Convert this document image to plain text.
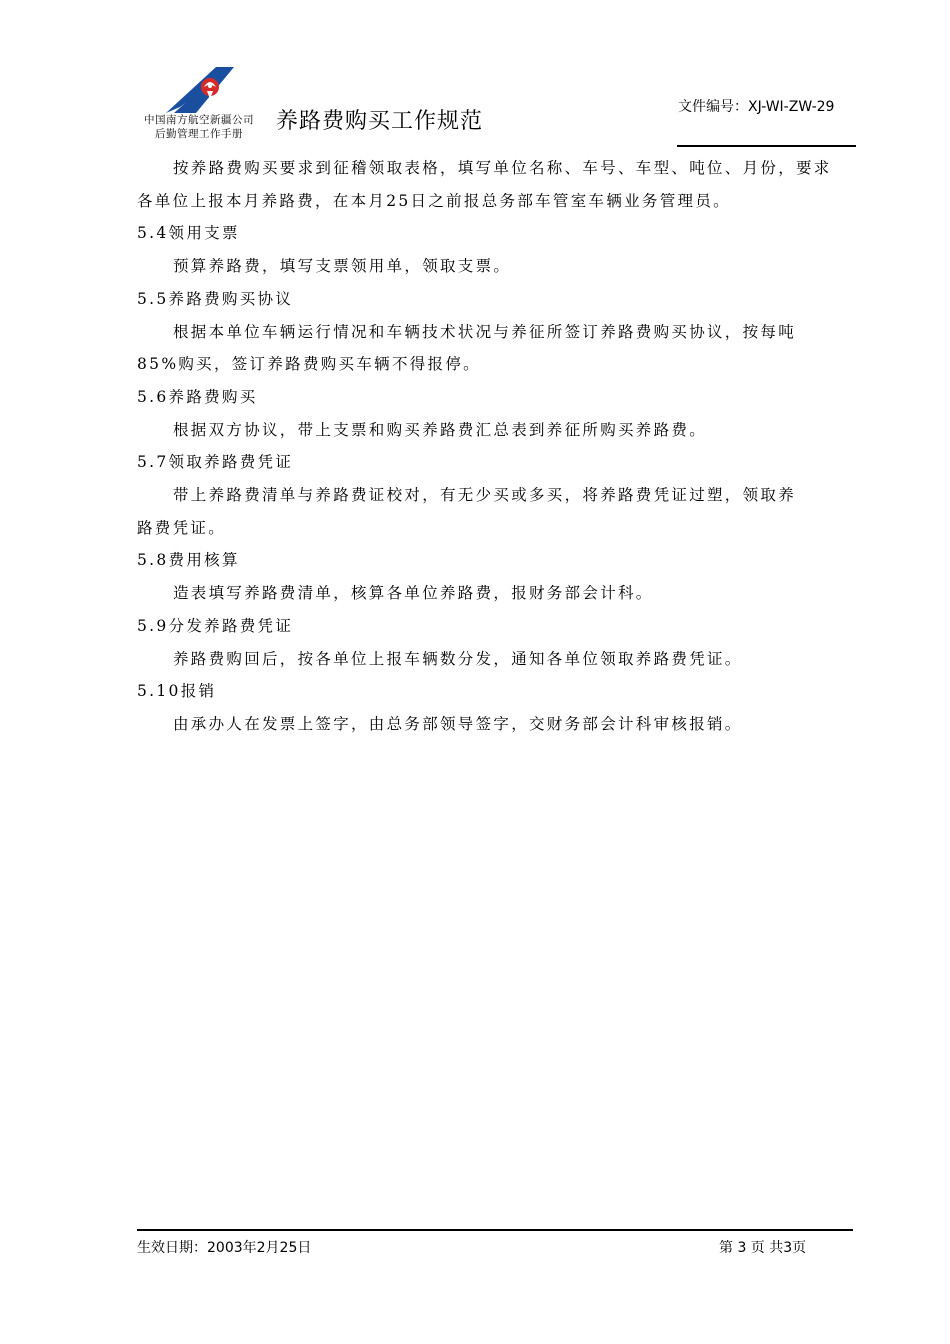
中国南方航空新疆公司
后勤管理工作手册	养路费购买工作规范
文件编号：XJ-WI-ZW-29

按养路费购买要求到征稽领取表格，填写单位名称、车号、车型、吨位、月份，要求

各单位上报本月养路费，在本月25日之前报总务部车管室车辆业务管理员。

5.4领用支票

预算养路费，填写支票领用单，领取支票。

5.5养路费购买协议

根据本单位车辆运行情况和车辆技术状况与养征所签订养路费购买协议，按每吨

85%购买，签订养路费购买车辆不得报停。

5.6养路费购买

根据双方协议，带上支票和购买养路费汇总表到养征所购买养路费。

5.7领取养路费凭证

带上养路费清单与养路费证校对，有无少买或多买，将养路费凭证过塑，领取养

路费凭证。

5.8费用核算

造表填写养路费清单，核算各单位养路费，报财务部会计科。

5.9分发养路费凭证

养路费购回后，按各单位上报车辆数分发，通知各单位领取养路费凭证。

5.10报销

由承办人在发票上签字，由总务部领导签字，交财务部会计科审核报销。

生效日期：2003年2月25日	第 3 页 共3页
